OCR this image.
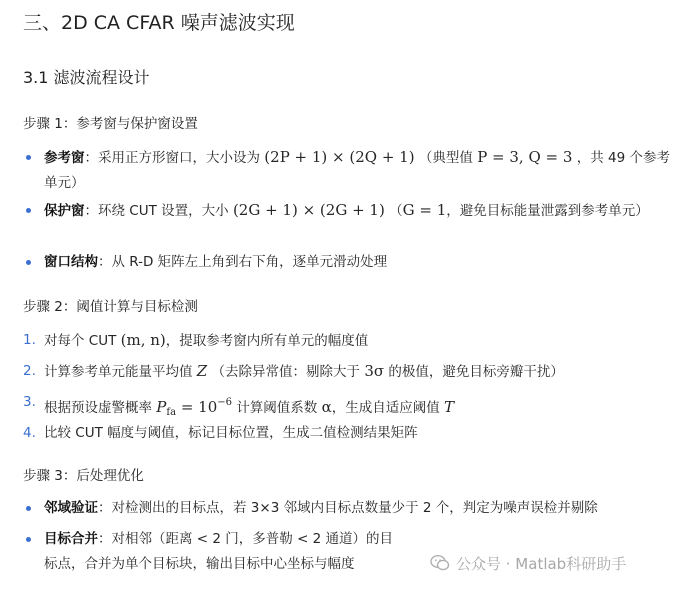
三、2D CA CFAR 噪声滤波实现
3.1 滤波流程设计
步骤 1：参考窗与保护窗设置
参考窗：采用正方形窗口，大小设为 (2P + 1) × (2Q + 1) （典型值 P = 3, Q = 3 ，共 49 个参考单元）
保护窗：环绕 CUT 设置，大小 (2G + 1) × (2G + 1) （G = 1，避免目标能量泄露到参考单元）
窗口结构：从 R-D 矩阵左上角到右下角，逐单元滑动处理
步骤 2：阈值计算与目标检测
1. 对每个 CUT (m, n)，提取参考窗内所有单元的幅度值
2. 计算参考单元能量平均值 Z （去除异常值：剔除大于 3σ 的极值，避免目标旁瓣干扰）
3. 根据预设虚警概率 $P_{fa} = 10^{-6}$ 计算阈值系数 α，生成自适应阈值 T
4. 比较 CUT 幅度与阈值，标记目标位置，生成二值检测结果矩阵
步骤 3：后处理优化
邻域验证：对检测出的目标点，若 3×3 邻域内目标点数量少于 2 个，判定为噪声误检并剔除
目标合并：对相邻（距离 < 2 门，多普勒 < 2 通道）的目标点，合并为单个目标块，输出目标中心坐标与幅度	公众号 · Matlab科研助手
